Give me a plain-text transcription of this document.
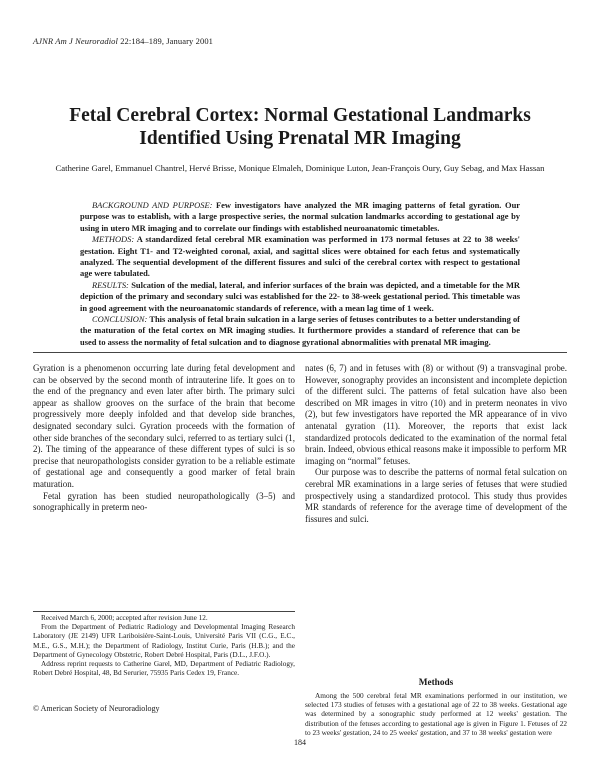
AJNR Am J Neuroradiol 22:184–189, January 2001
Fetal Cerebral Cortex: Normal Gestational Landmarks
Identified Using Prenatal MR Imaging
Catherine Garel, Emmanuel Chantrel, Hervé Brisse, Monique Elmaleh, Dominique Luton, Jean-François Oury, Guy Sebag, and Max Hassan

BACKGROUND AND PURPOSE: Few investigators have analyzed the MR imaging patterns of fetal gyration. Our purpose was to establish, with a large prospective series, the normal sulcation landmarks according to gestational age by using in utero MR imaging and to correlate our findings with established neuroanatomic timetables.

METHODS: A standardized fetal cerebral MR examination was performed in 173 normal fetuses at 22 to 38 weeks' gestation. Eight T1- and T2-weighted coronal, axial, and sagittal slices were obtained for each fetus and systematically analyzed. The sequential development of the different fissures and sulci of the cerebral cortex with respect to gestational age were tabulated.

RESULTS: Sulcation of the medial, lateral, and inferior surfaces of the brain was depicted, and a timetable for the MR depiction of the primary and secondary sulci was established for the 22- to 38-week gestational period. This timetable was in good agreement with the neuroanatomic standards of reference, with a mean lag time of 1 week.

CONCLUSION: This analysis of fetal brain sulcation in a large series of fetuses contributes to a better understanding of the maturation of the fetal cortex on MR imaging studies. It furthermore provides a standard of reference that can be used to assess the normality of fetal sulcation and to diagnose gyrational abnormalities with prenatal MR imaging.

Gyration is a phenomenon occurring late during fetal development and can be observed by the second month of intrauterine life. It goes on to the end of the pregnancy and even later after birth. The primary sulci appear as shallow grooves on the surface of the brain that become progressively more deeply infolded and that develop side branches, designated secondary sulci. Gyration proceeds with the formation of other side branches of the secondary sulci, referred to as tertiary sulci (1, 2). The timing of the appearance of these different types of sulci is so precise that neuropathologists consider gyration to be a reliable estimate of gestational age and consequently a good marker of fetal brain maturation.

Fetal gyration has been studied neuropathologically (3–5) and sonographically in preterm neo-

Received March 6, 2000; accepted after revision June 12.

From the Department of Pediatric Radiology and Developmental Imaging Research Laboratory (JE 2149) UFR Lariboisière-Saint-Louis, Université Paris VII (C.G., E.C., M.E., G.S., M.H.); the Department of Radiology, Institut Curie, Paris (H.B.); and the Department of Gynecology Obstetric, Robert Debré Hospital, Paris (D.L., J.F.O.).

Address reprint requests to Catherine Garel, MD, Department of Pediatric Radiology, Robert Debré Hospital, 48, Bd Serurier, 75935 Paris Cedex 19, France.

© American Society of Neuroradiology

nates (6, 7) and in fetuses with (8) or without (9) a transvaginal probe. However, sonography provides an inconsistent and incomplete depiction of the different sulci. The patterns of fetal sulcation have also been described on MR images in vitro (10) and in preterm neonates in vivo (2), but few investigators have reported the MR appearance of in vivo antenatal gyration (11). Moreover, the reports that exist lack standardized protocols dedicated to the examination of the normal fetal brain. Indeed, obvious ethical reasons make it impossible to perform MR imaging on “normal” fetuses.

Our purpose was to describe the patterns of normal fetal sulcation on cerebral MR examinations in a large series of fetuses that were studied prospectively using a standardized protocol. This study thus provides MR standards of reference for the average time of development of the fissures and sulci.

Methods

Among the 500 cerebral fetal MR examinations performed in our institution, we selected 173 studies of fetuses with a gestational age of 22 to 38 weeks. Gestational age was determined by a sonographic study performed at 12 weeks' gestation. The distribution of the fetuses according to gestational age is given in Figure 1. Fetuses of 22 to 23 weeks' gestation, 24 to 25 weeks' gestation, and 37 to 38 weeks' gestation were

184
